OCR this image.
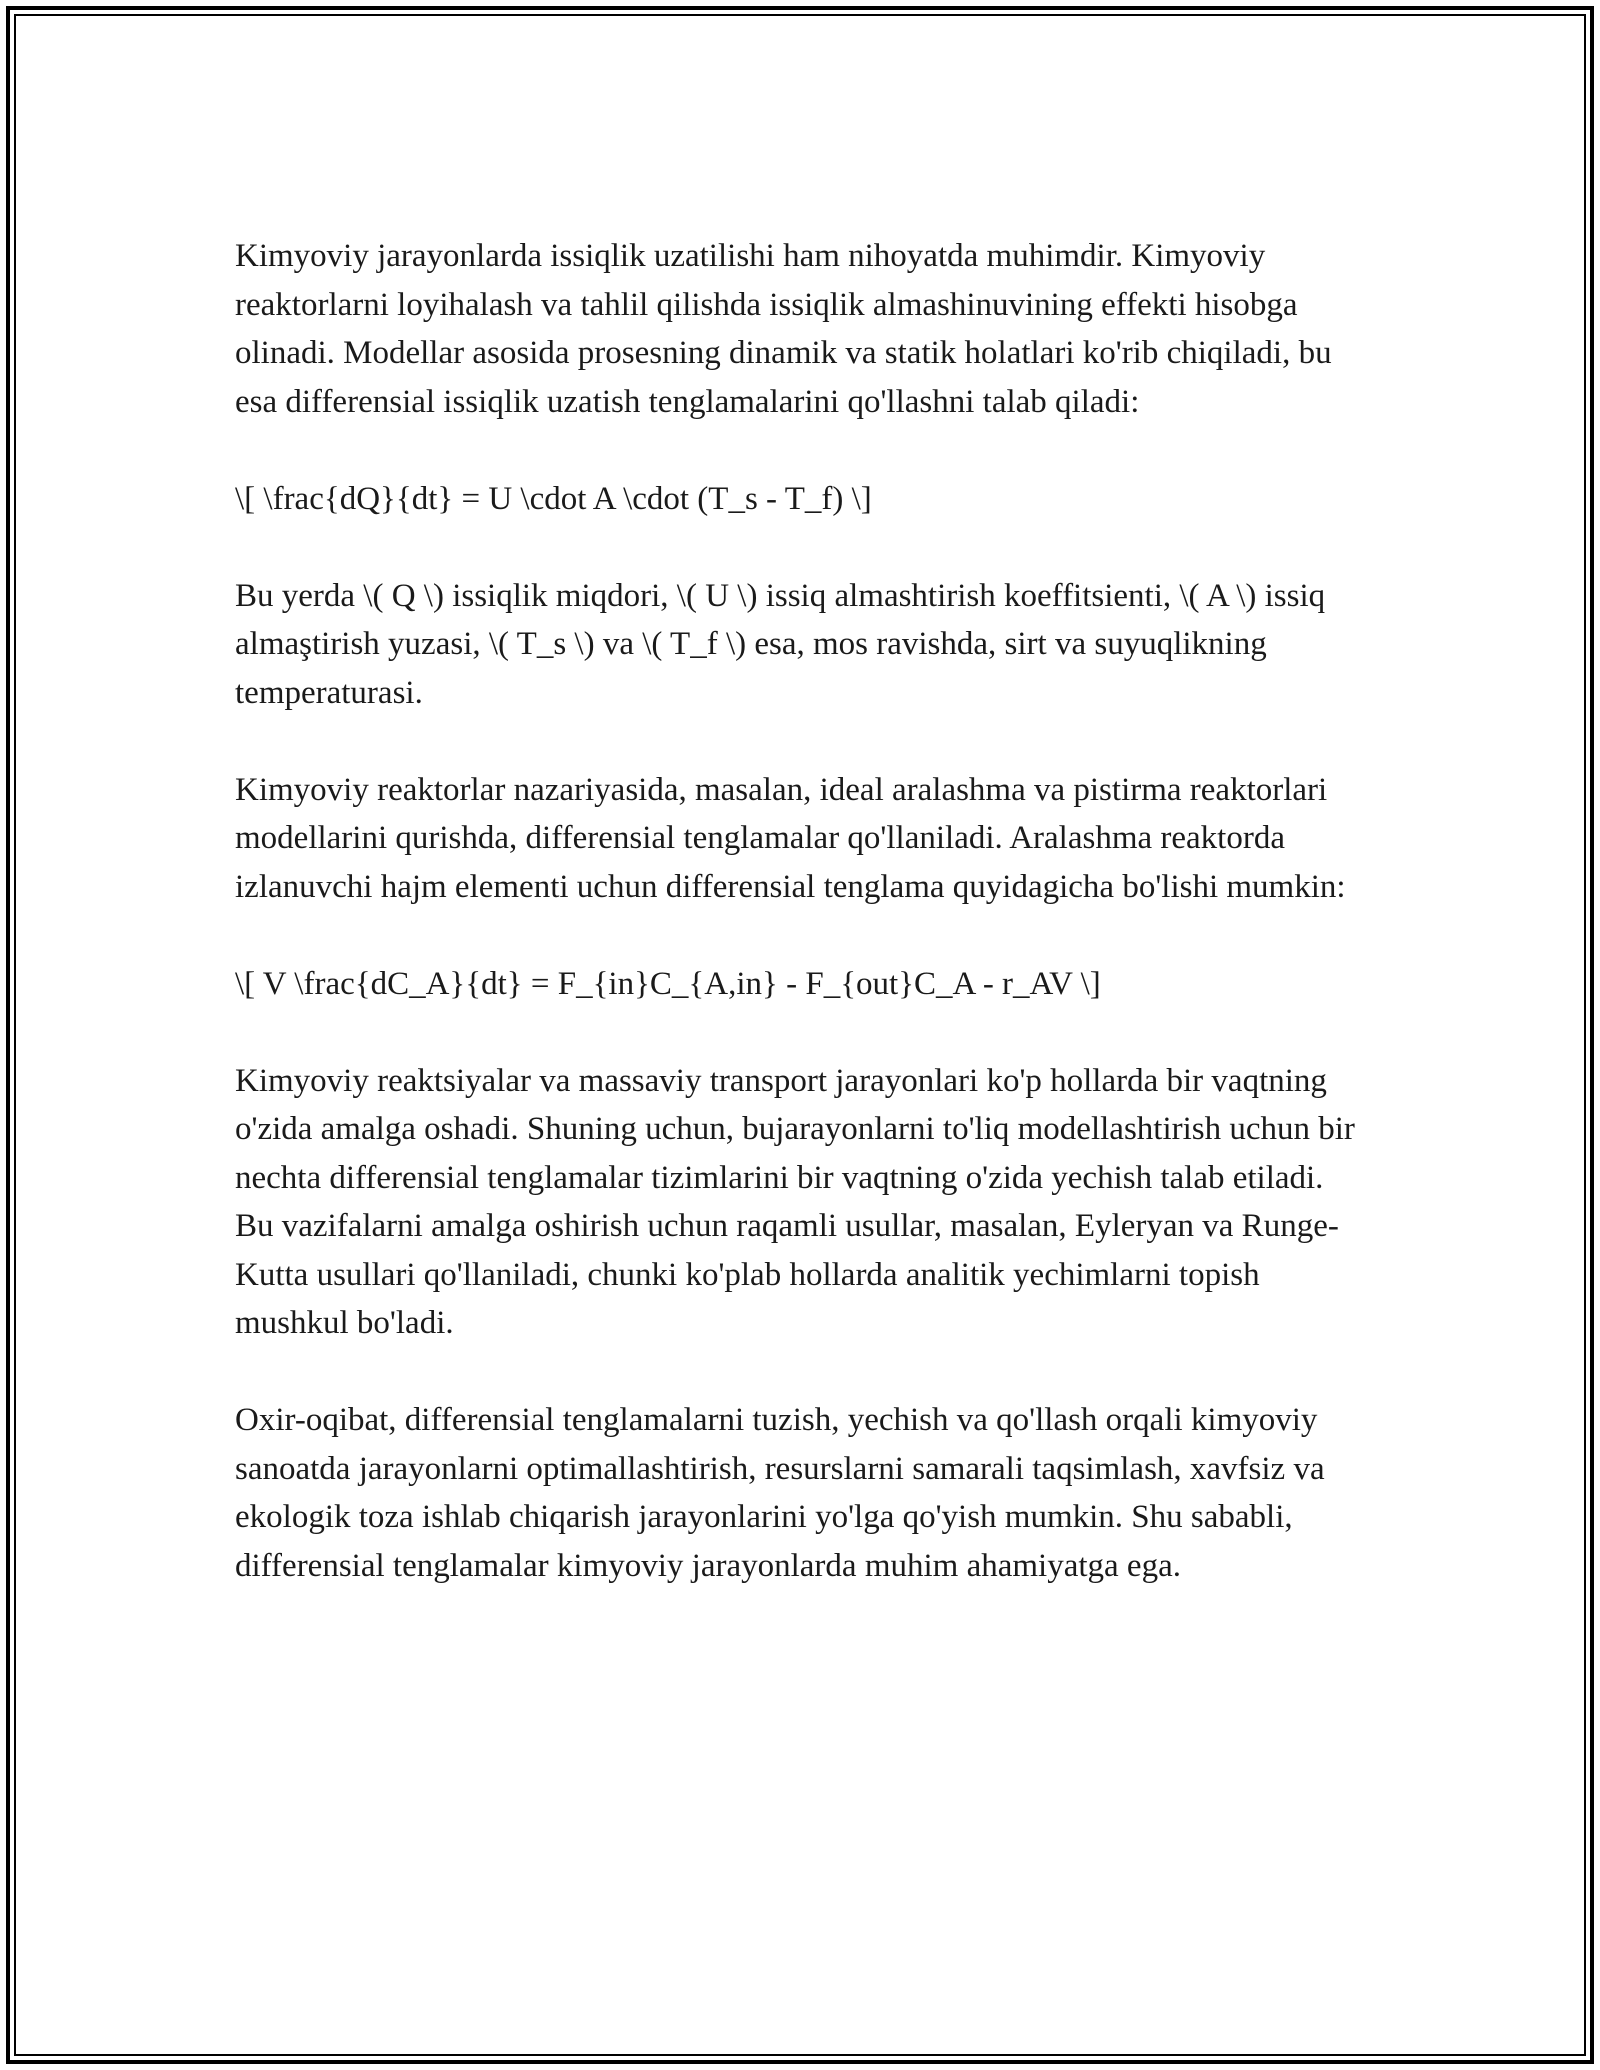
Kimyoviy jarayonlarda issiqlik uzatilishi ham nihoyatda muhimdir. Kimyoviy reaktorlarni loyihalash va tahlil qilishda issiqlik almashinuvining effekti hisobga olinadi. Modellar asosida prosesning dinamik va statik holatlari ko'rib chiqiladi, bu esa differensial issiqlik uzatish tenglamalarini qo'llashni talab qiladi:

\[ \frac{dQ}{dt} = U \cdot A \cdot (T_s - T_f) \]

Bu yerda \( Q \) issiqlik miqdori, \( U \) issiq almashtirish koeffitsienti, \( A \) issiq almaştirish yuzasi, \( T_s \) va \( T_f \) esa, mos ravishda, sirt va suyuqlikning temperaturasi.

Kimyoviy reaktorlar nazariyasida, masalan, ideal aralashma va pistirma reaktorlari modellarini qurishda, differensial tenglamalar qo'llaniladi. Aralashma reaktorda izlanuvchi hajm elementi uchun differensial tenglama quyidagicha bo'lishi mumkin:

\[ V \frac{dC_A}{dt} = F_{in}C_{A,in} - F_{out}C_A - r_AV \]

Kimyoviy reaktsiyalar va massaviy transport jarayonlari ko'p hollarda bir vaqtning o'zida amalga oshadi. Shuning uchun, bujarayonlarni to'liq modellashtirish uchun bir nechta differensial tenglamalar tizimlarini bir vaqtning o'zida yechish talab etiladi. Bu vazifalarni amalga oshirish uchun raqamli usullar, masalan, Eyleryan va Runge-Kutta usullari qo'llaniladi, chunki ko'plab hollarda analitik yechimlarni topish mushkul bo'ladi.

Oxir-oqibat, differensial tenglamalarni tuzish, yechish va qo'llash orqali kimyoviy sanoatda jarayonlarni optimallashtirish, resurslarni samarali taqsimlash, xavfsiz va ekologik toza ishlab chiqarish jarayonlarini yo'lga qo'yish mumkin. Shu sababli, differensial tenglamalar kimyoviy jarayonlarda muhim ahamiyatga ega.
